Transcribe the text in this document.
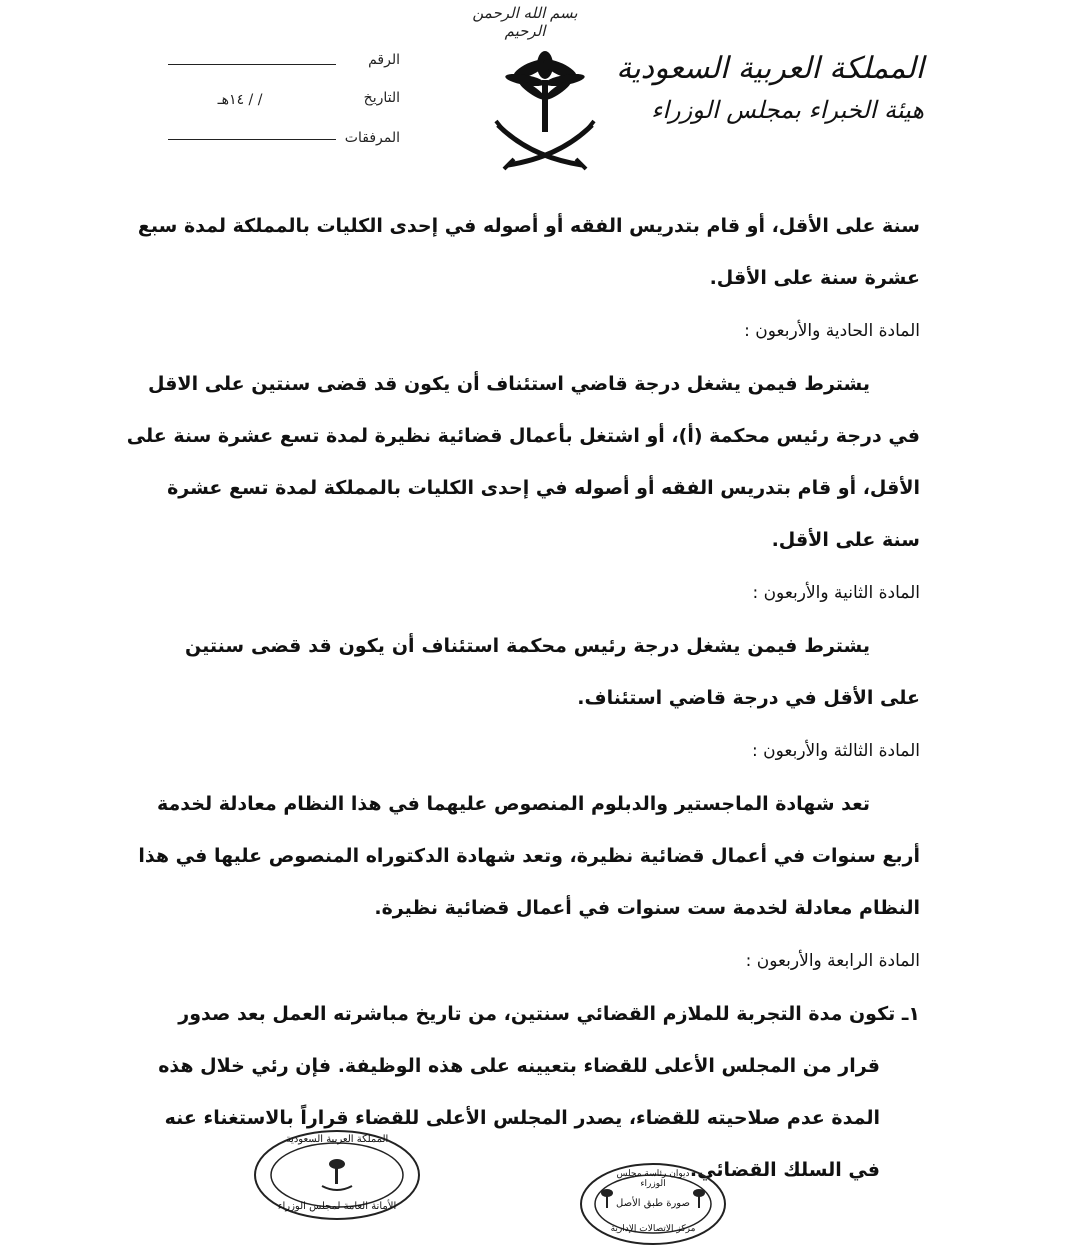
بسم الله الرحمن الرحيم
المملكة العربية السعودية
هيئة الخبراء بمجلس الوزراء
الرقم
التاريخ
/ / ١٤هـ
المرفقات

سنة على الأقل، أو قام بتدريس الفقه أو أصوله في إحدى الكليات بالمملكة لمدة سبع

عشرة سنة على الأقل.

المادة الحادية والأربعون :

يشترط فيمن يشغل درجة قاضي استئناف أن يكون قد قضى سنتين على الاقل

في درجة رئيس محكمة (أ)، أو اشتغل بأعمال قضائية نظيرة لمدة تسع عشرة سنة على

الأقل، أو قام بتدريس الفقه أو أصوله في إحدى الكليات بالمملكة لمدة تسع عشرة

سنة على الأقل.

المادة الثانية والأربعون :

يشترط فيمن يشغل درجة رئيس محكمة استئناف أن يكون قد قضى سنتين

على الأقل في درجة قاضي استئناف.

المادة الثالثة والأربعون :

تعد شهادة الماجستير والدبلوم المنصوص عليهما في هذا النظام معادلة لخدمة

أربع سنوات في أعمال قضائية نظيرة، وتعد شهادة الدكتوراه المنصوص عليها في هذا

النظام معادلة لخدمة ست سنوات في أعمال قضائية نظيرة.

المادة الرابعة والأربعون :

١ـ تكون مدة التجربة للملازم القضائي سنتين، من تاريخ مباشرته العمل بعد صدور

قرار من المجلس الأعلى للقضاء بتعيينه على هذه الوظيفة. فإن رئي خلال هذه

المدة عدم صلاحيته للقضاء، يصدر المجلس الأعلى للقضاء قراراً بالاستغناء عنه

في السلك القضائي.

المملكة العربية السعودية
الأمانة العامة لمجلس الوزراء
ديوان رئاسة مجلس الوزراء
صورة طبق الأصل
مركز الاتصالات الإدارية
